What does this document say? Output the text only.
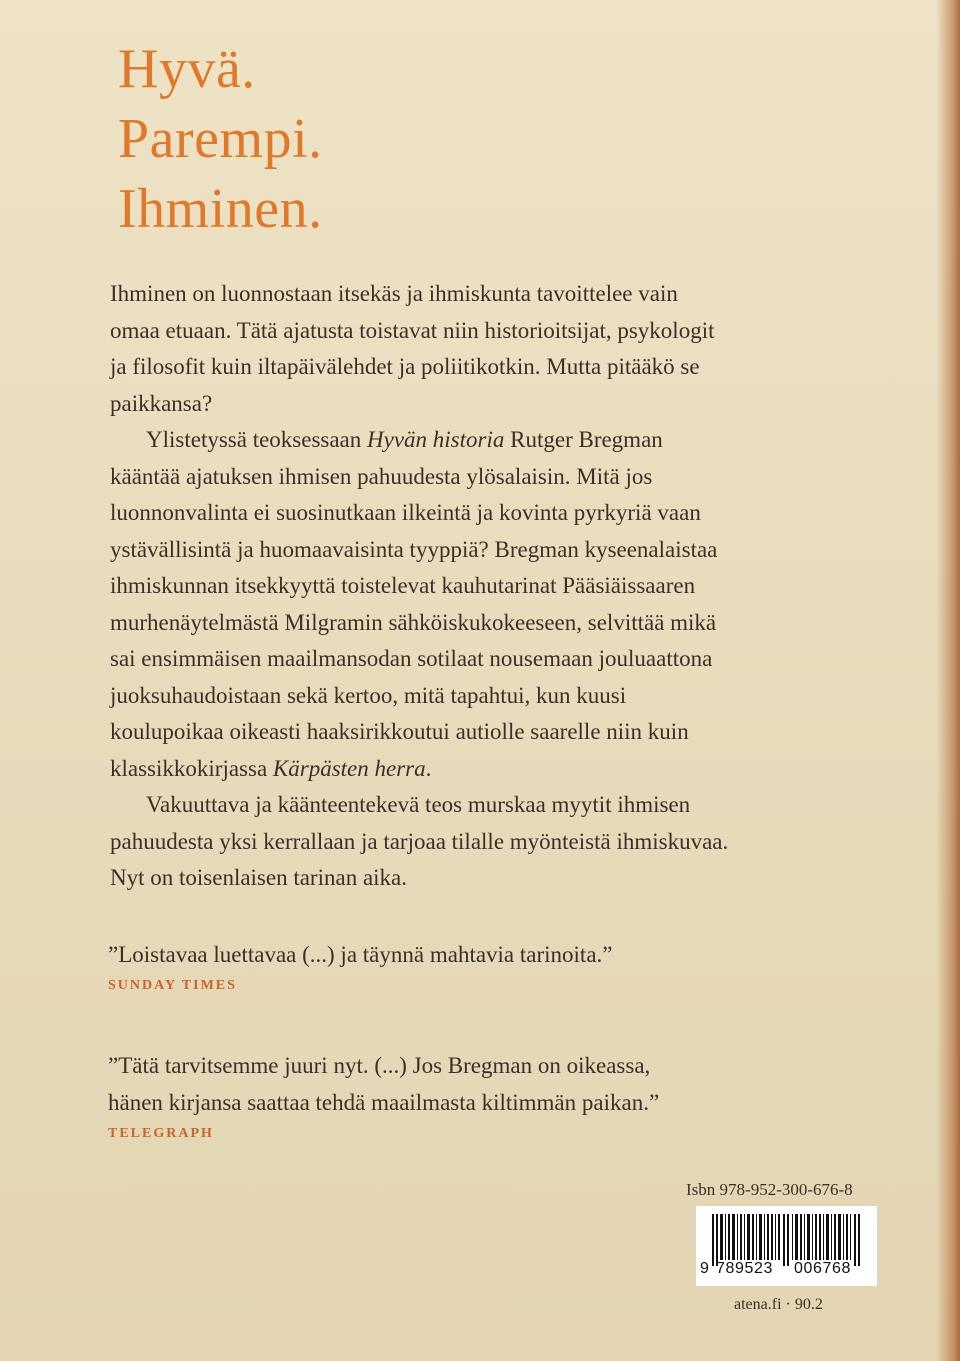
Hyvä.
Parempi.
Ihminen.
Ihminen on luonnostaan itsekäs ja ihmiskunta tavoittelee vain
omaa etuaan. Tätä ajatusta toistavat niin historioitsijat, psykologit
ja filosofit kuin iltapäivälehdet ja poliitikotkin. Mutta pitääkö se
paikkansa?
Ylistetyssä teoksessaan Hyvän historia Rutger Bregman
kääntää ajatuksen ihmisen pahuudesta ylösalaisin. Mitä jos
luonnonvalinta ei suosinutkaan ilkeintä ja kovinta pyrkyriä vaan
ystävällisintä ja huomaavaisinta tyyppiä? Bregman kyseenalaistaa
ihmiskunnan itsekkyyttä toistelevat kauhutarinat Pääsiäissaaren
murhenäytelmästä Milgramin sähköiskukokeeseen, selvittää mikä
sai ensimmäisen maailmansodan sotilaat nousemaan jouluaattona
juoksuhaudoistaan sekä kertoo, mitä tapahtui, kun kuusi
koulupoikaa oikeasti haaksirikkoutui autiolle saarelle niin kuin
klassikkokirjassa Kärpästen herra.
Vakuuttava ja käänteentekevä teos murskaa myytit ihmisen
pahuudesta yksi kerrallaan ja tarjoaa tilalle myönteistä ihmiskuvaa.
Nyt on toisenlaisen tarinan aika.
”Loistavaa luettavaa (...) ja täynnä mahtavia tarinoita.”
SUNDAY TIMES
”Tätä tarvitsemme juuri nyt. (...) Jos Bregman on oikeassa,
hänen kirjansa saattaa tehdä maailmasta kiltimmän paikan.”
TELEGRAPH
Isbn 978-952-300-676-8
9 789523 006768
atena.fi · 90.2
